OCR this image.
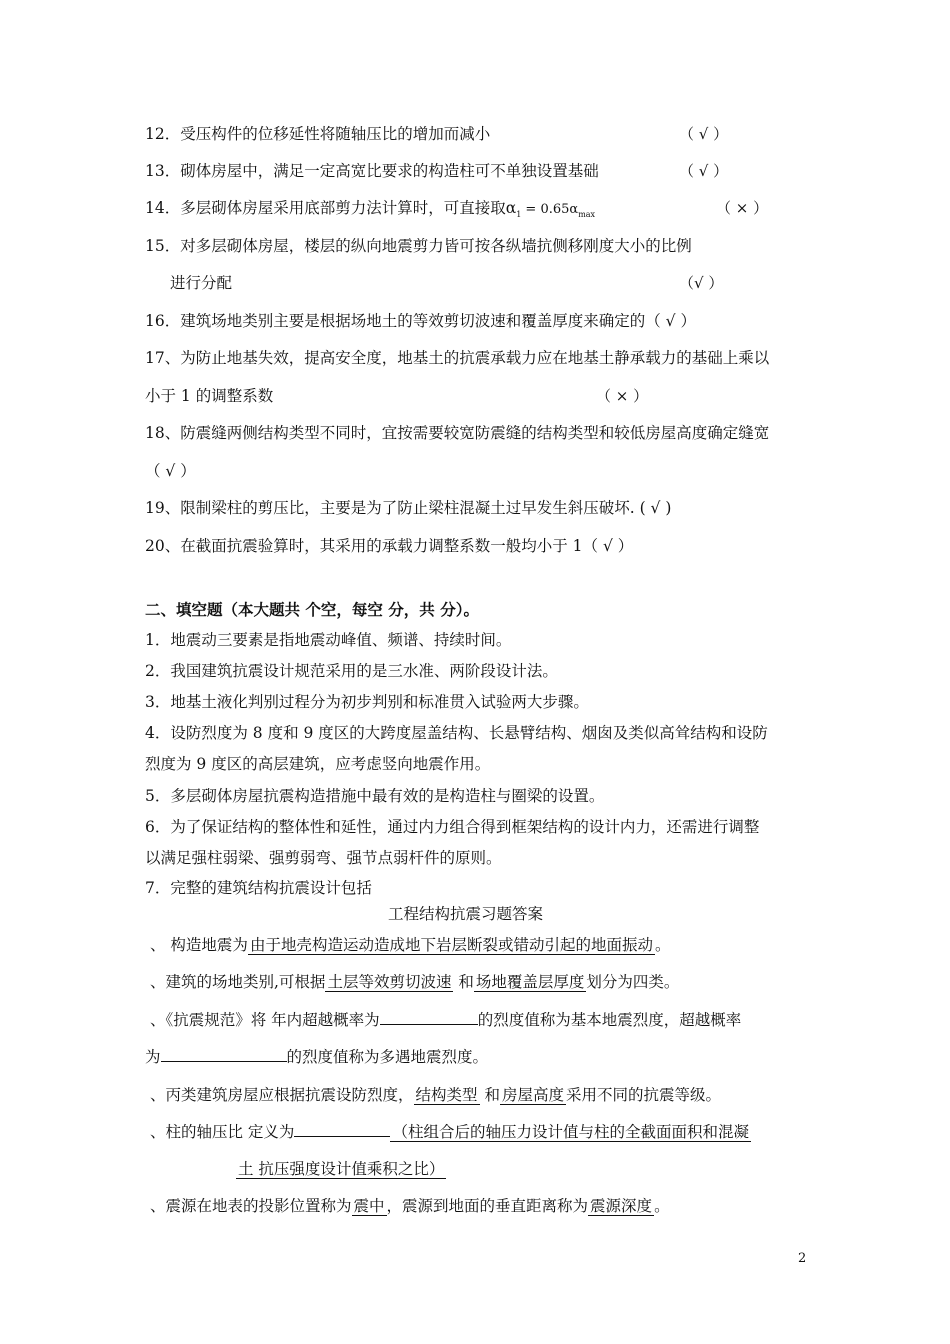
12．受压构件的位移延性将随轴压比的增加而减小	（ √ ）
13．砌体房屋中，满足一定高宽比要求的构造柱可不单独设置基础	（ √ ）
14．多层砌体房屋采用底部剪力法计算时，可直接取$\alpha_1 = 0.65\alpha_{max}$	（ × ）
15．对多层砌体房屋，楼层的纵向地震剪力皆可按各纵墙抗侧移刚度大小的比例
进行分配	（√ ）
16．建筑场地类别主要是根据场地土的等效剪切波速和覆盖厚度来确定的（ √ ）
17、为防止地基失效，提高安全度，地基土的抗震承载力应在地基土静承载力的基础上乘以
小于 1 的调整系数	（ × ）
18、防震缝两侧结构类型不同时，宜按需要较宽防震缝的结构类型和较低房屋高度确定缝宽
（ √ ）
19、限制梁柱的剪压比，主要是为了防止梁柱混凝土过早发生斜压破坏. ( √ )
20、在截面抗震验算时，其采用的承载力调整系数一般均小于 1（ √ ）
二、填空题（本大题共 个空，每空 分，共 分）。
1．地震动三要素是指地震动峰值、频谱、持续时间。
2．我国建筑抗震设计规范采用的是三水准、两阶段设计法。
3．地基土液化判别过程分为初步判别和标准贯入试验两大步骤。
4．设防烈度为 8 度和 9 度区的大跨度屋盖结构、长悬臂结构、烟囱及类似高耸结构和设防
烈度为 9 度区的高层建筑，应考虑竖向地震作用。
5．多层砌体房屋抗震构造措施中最有效的是构造柱与圈梁的设置。
6．为了保证结构的整体性和延性，通过内力组合得到框架结构的设计内力，还需进行调整
以满足强柱弱梁、强剪弱弯、强节点弱杆件的原则。
7．完整的建筑结构抗震设计包括
工程结构抗震习题答案
、 构造地震为由于地壳构造运动造成地下岩层断裂或错动引起的地面振动。
、建筑的场地类别,可根据土层等效剪切波速 和场地覆盖层厚度划分为四类。
、《抗震规范》将 年内超越概率为	的烈度值称为基本地震烈度，超越概率
为	的烈度值称为多遇地震烈度。
、丙类建筑房屋应根据抗震设防烈度，结构类型 和房屋高度采用不同的抗震等级。
、柱的轴压比 定义为	（柱组合后的轴压力设计值与柱的全截面面积和混凝
土 抗压强度设计值乘积之比）
、震源在地表的投影位置称为震中，震源到地面的垂直距离称为震源深度。
2
